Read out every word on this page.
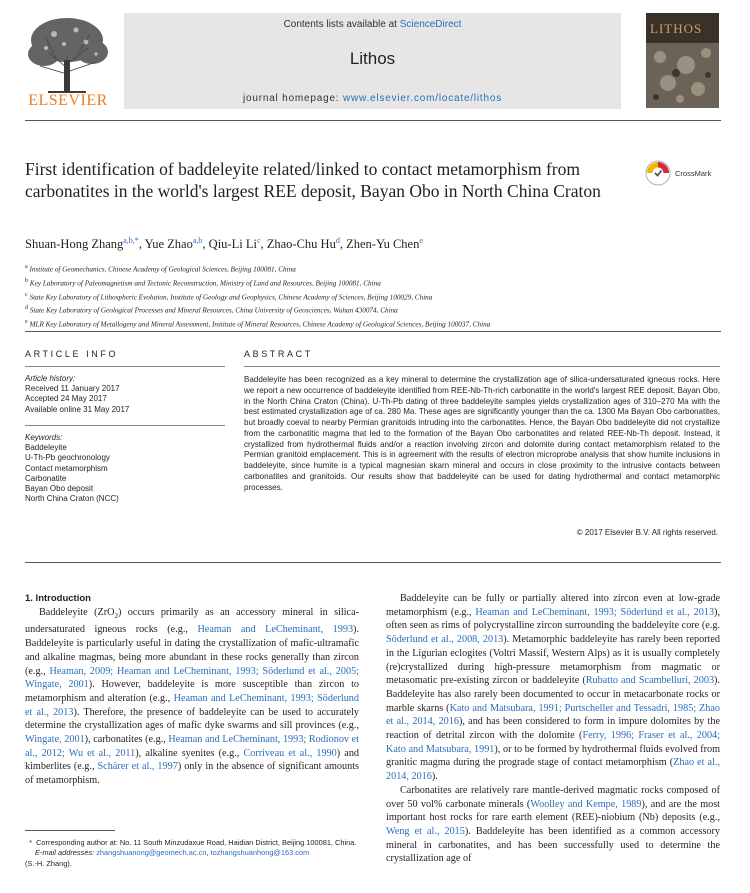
ELSEVIER
Contents lists available at ScienceDirect
Lithos
journal homepage: www.elsevier.com/locate/lithos
LITHOS
First identification of baddeleyite related/linked to contact metamorphism from carbonatites in the world's largest REE deposit, Bayan Obo in North China Craton
CrossMark
Shuan-Hong Zhang$^{a,b,*}$, Yue Zhao$^{a,b}$, Qiu-Li Li$^c$, Zhao-Chu Hu$^d$, Zhen-Yu Chen$^e$
$^a$ Institute of Geomechanics, Chinese Academy of Geological Sciences, Beijing 100081, China
$^b$ Key Laboratory of Paleomagnetism and Tectonic Reconstruction, Ministry of Land and Resources, Beijing 100081, China
$^c$ State Key Laboratory of Lithospheric Evolution, Institute of Geology and Geophysics, Chinese Academy of Sciences, Beijing 100029, China
$^d$ State Key Laboratory of Geological Processes and Mineral Resources, China University of Geosciences, Wuhan 430074, China
$^e$ MLR Key Laboratory of Metallogeny and Mineral Assessment, Institute of Mineral Resources, Chinese Academy of Geological Sciences, Beijing 100037, China
ARTICLE INFO
Article history:
Received 11 January 2017
Accepted 24 May 2017
Available online 31 May 2017
Keywords:
Baddeleyite
U-Th-Pb geochronology
Contact metamorphism
Carbonatite
Bayan Obo deposit
North China Craton (NCC)
ABSTRACT
Baddeleyite has been recognized as a key mineral to determine the crystallization age of silica-undersaturated igneous rocks. Here we report a new occurrence of baddeleyite identified from REE-Nb-Th-rich carbonatite in the world's largest REE deposit, Bayan Obo, in the North China Craton (China). U-Th-Pb dating of three baddeleyite samples yields crystallization ages of 310–270 Ma with the best estimated crystallization age of ca. 280 Ma. These ages are significantly younger than the ca. 1300 Ma Bayan Obo carbonatites, but broadly coeval to nearby Permian granitoids intruding into the carbonatites. Hence, the Bayan Obo baddeleyite did not crystallize from the carbonatitic magma that led to the formation of the Bayan Obo carbonatites and related REE-Nb-Th deposit. Instead, it crystallized from hydrothermal fluids and/or a reaction involving zircon and dolomite during contact metamorphism related to the Permian granitoid emplacement. This is in agreement with the results of electron microprobe analysis that show humite inclusions in baddeleyite, since humite is a typical magnesian skarn mineral and occurs in close proximity to the intrusive contacts between carbonatites and granitoids. Our results show that baddeleyite can be used for dating hydrothermal and contact metamorphic processes.
© 2017 Elsevier B.V. All rights reserved.

1. Introduction

Baddeleyite (ZrO$_2$) occurs primarily as an accessory mineral in silica-undersaturated igneous rocks (e.g., Heaman and LeCheminant, 1993). Baddeleyite is particularly useful in dating the crystallization of mafic-ultramafic and alkaline magmas, being more abundant in these rocks generally than zircon (e.g., Heaman, 2009; Heaman and LeCheminant, 1993; Söderlund et al., 2005; Wingate, 2001). However, baddeleyite is more susceptible than zircon to metamorphism and alteration (e.g., Heaman and LeCheminant, 1993; Söderlund et al., 2013). Therefore, the presence of baddeleyite can be used to accurately determine the crystallization ages of mafic dyke swarms and sill provinces (e.g., Wingate, 2001), carbonatites (e.g., Heaman and LeCheminant, 1993; Rodionov et al., 2012; Wu et al., 2011), alkaline syenites (e.g., Corriveau et al., 1990) and kimberlites (e.g., Schärer et al., 1997) only in the absence of significant amounts of metamorphism.

Baddeleyite can be fully or partially altered into zircon even at low-grade metamorphism (e.g., Heaman and LeCheminant, 1993; Söderlund et al., 2013), often seen as rims of polycrystalline zircon surrounding the baddeleyite core (e.g. Söderlund et al., 2008, 2013). Metamorphic baddeleyite has rarely been reported in the Ligurian eclogites (Voltri Massif, Western Alps) as it is usually completely (re)crystallized during high-pressure metamorphism from magmatic or metasomatic pre-existing zircon or baddeleyite (Rubatto and Scambelluri, 2003). Baddeleyite has also rarely been documented to occur in metacarbonate rocks or marble skarns (Kato and Matsubara, 1991; Purtscheller and Tessadri, 1985; Zhao et al., 2014, 2016), and has been considered to form in impure dolomites by the reaction of detrital zircon with the dolomite (Ferry, 1996; Fraser et al., 2004; Kato and Matsubara, 1991), or to be formed by hydrothermal fluids evolved from granitic magma during the prograde stage of contact metamorphism (Zhao et al., 2014, 2016).

Carbonatites are relatively rare mantle-derived magmatic rocks composed of over 50 vol% carbonate minerals (Woolley and Kempe, 1989), and are the most important host rocks for rare earth element (REE)-niobium (Nb) deposits (e.g., Weng et al., 2015). Baddeleyite has been identified as a common accessory mineral in carbonatites, and has been successfully used to determine the crystallization age of

*  Corresponding author at: No. 11 South Minzudaxue Road, Haidian District, Beijing 100081, China.

E-mail addresses: zhangshuanong@geomech.ac.cn, tozhangshuanhong@163.com

(S.-H. Zhang).
